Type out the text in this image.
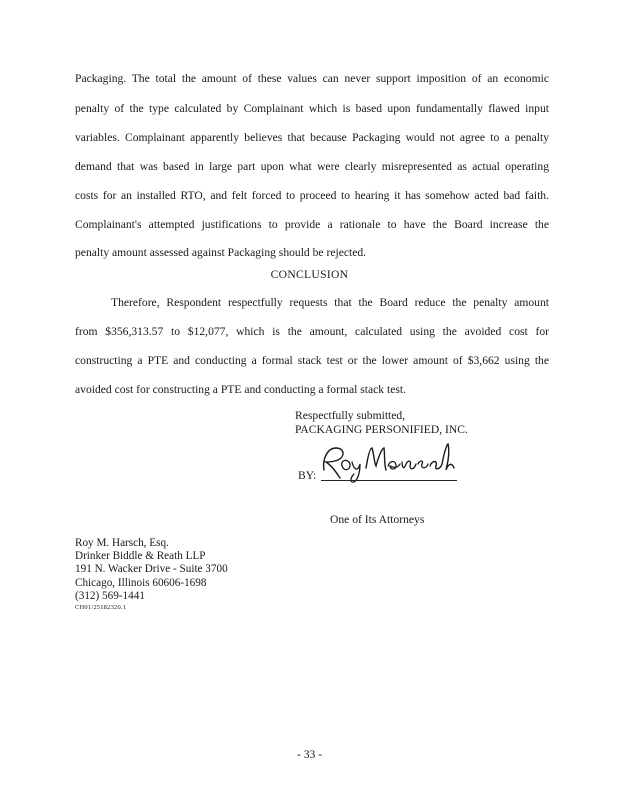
Packaging. The total the amount of these values can never support imposition of an economic
penalty of the type calculated by Complainant which is based upon fundamentally flawed input
variables. Complainant apparently believes that because Packaging would not agree to a penalty
demand that was based in large part upon what were clearly misrepresented as actual operating
costs for an installed RTO, and felt forced to proceed to hearing it has somehow acted bad faith.
Complainant's attempted justifications to provide a rationale to have the Board increase the
penalty amount assessed against Packaging should be rejected.
CONCLUSION
Therefore, Respondent respectfully requests that the Board reduce the penalty amount
from $356,313.57 to $12,077, which is the amount, calculated using the avoided cost for
constructing a PTE and conducting a formal stack test or the lower amount of $3,662 using the
avoided cost for constructing a PTE and conducting a formal stack test.
Respectfully submitted,
PACKAGING PERSONIFIED, INC.
BY:
One of Its Attorneys
Roy M. Harsch, Esq.
Drinker Biddle & Reath LLP
191 N. Wacker Drive - Suite 3700
Chicago, Illinois 60606-1698
(312) 569-1441
CH01/25182320.1
- 33 -
